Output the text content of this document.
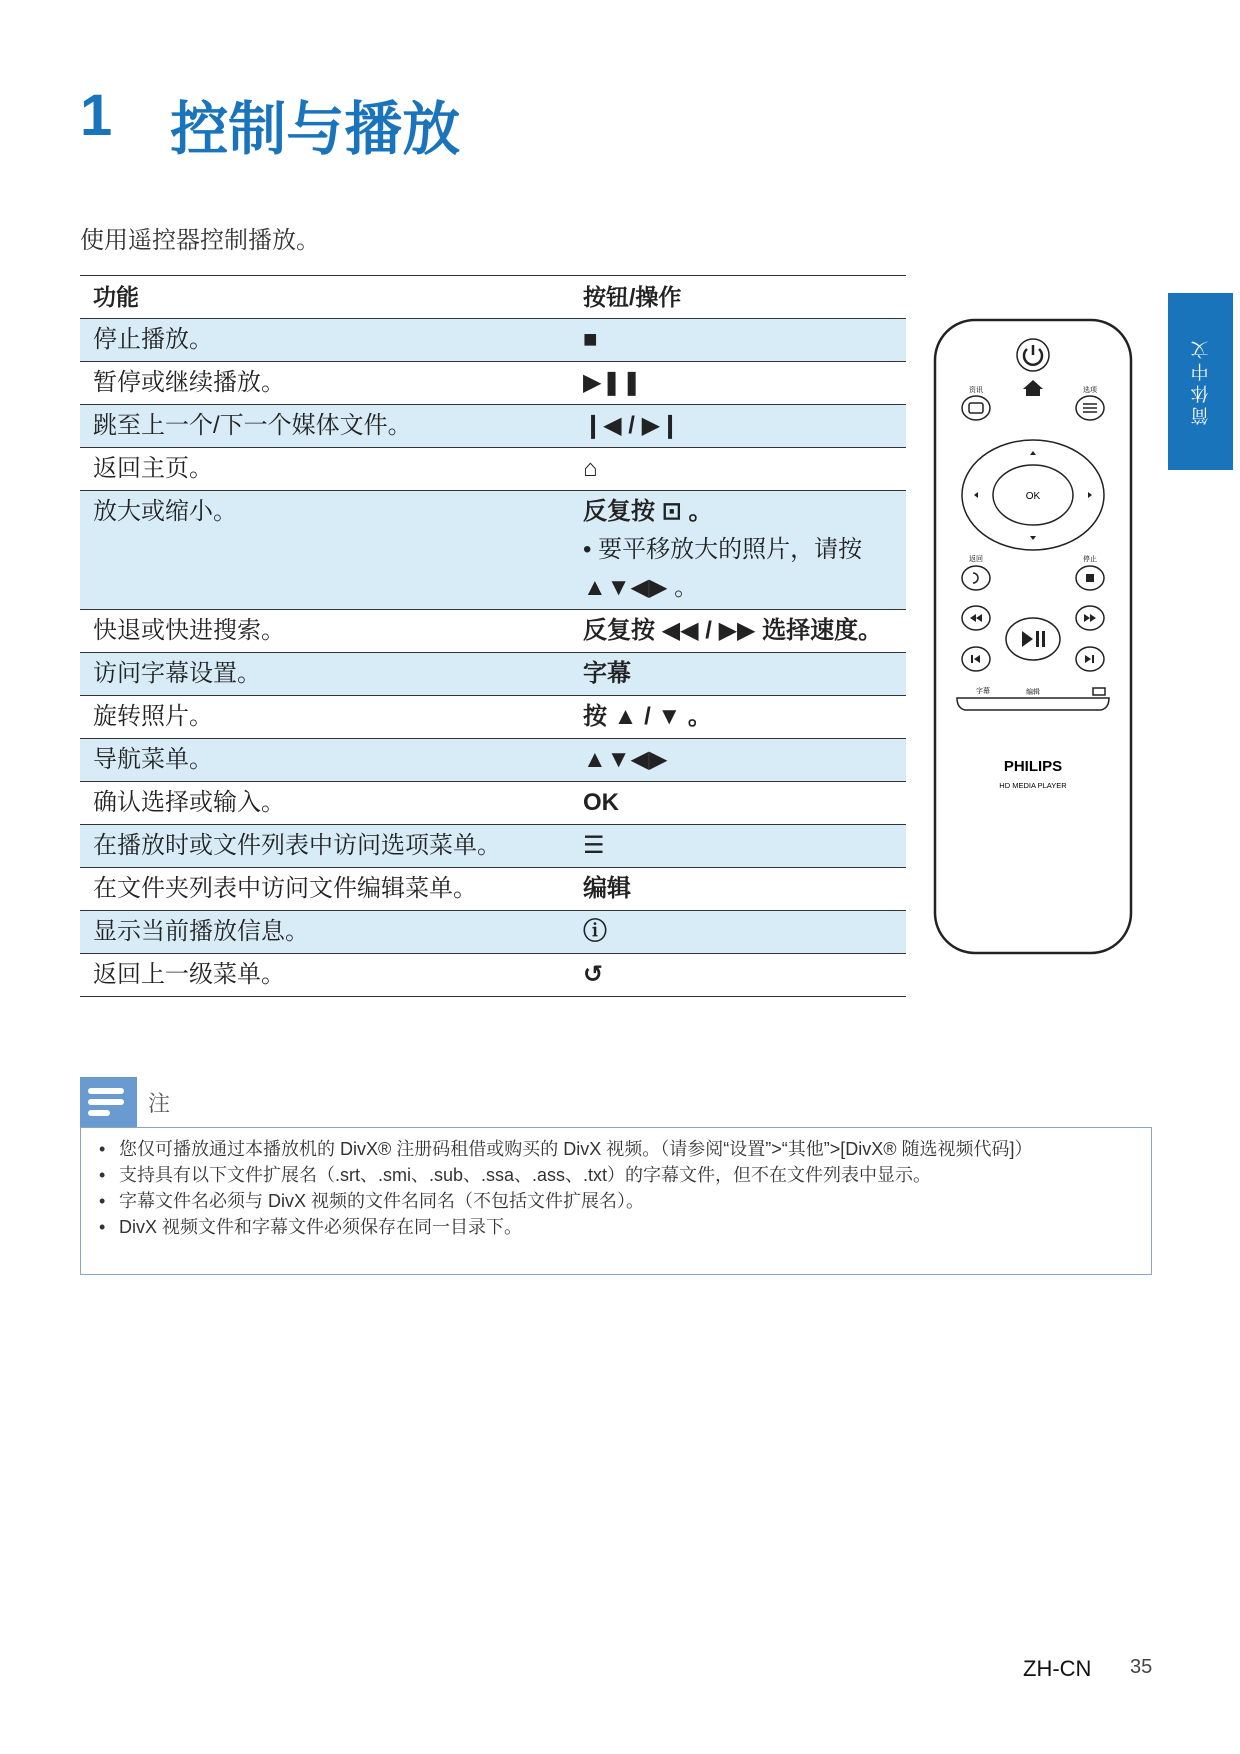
1 控制与播放
使用遥控器控制播放。
功能	按钮/操作
停止播放。	■

暂停或继续播放。	▶❚❚

跳至上一个/下一个媒体文件。	❙◀ / ▶❙

返回主页。	⌂

放大或缩小。	反复按 ⊡ 。
• 要平移放大的照片，请按 ▲▼◀▶ 。

快退或快进搜索。	反复按 ◀◀ / ▶▶ 选择速度。

访问字幕设置。	字幕

旋转照片。	按 ▲ / ▼ 。

导航菜单。	▲▼◀▶

确认选择或输入。	OK

在播放时或文件列表中访问选项菜单。	☰

在文件夹列表中访问文件编辑菜单。	编辑

显示当前播放信息。	ⓘ

返回上一级菜单。	↺
简体中文
资讯	选项
OK
返回	停止
字幕	编辑
PHILIPS
HD MEDIA PLAYER
注
• 您仅可播放通过本播放机的 DivX® 注册码租借或购买的 DivX 视频。（请参阅“设置”>“其他”>[DivX® 随选视频代码]）
• 支持具有以下文件扩展名（.srt、.smi、.sub、.ssa、.ass、.txt）的字幕文件，但不在文件列表中显示。
• 字幕文件名必须与 DivX 视频的文件名同名（不包括文件扩展名）。
• DivX 视频文件和字幕文件必须保存在同一目录下。
ZH-CN 35
